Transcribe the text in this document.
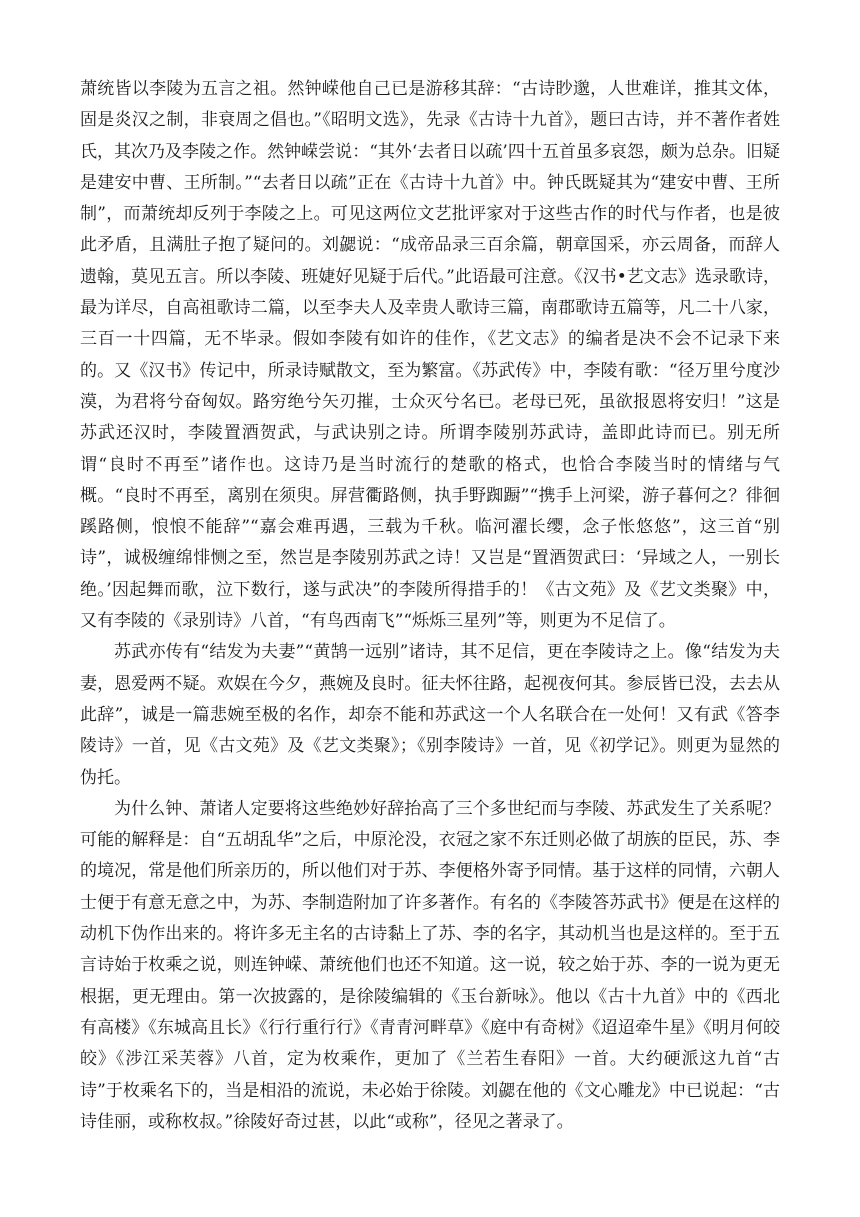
萧统皆以李陵为五言之祖。然钟嵘他自己已是游移其辞：“古诗眇邈，人世难详，推其文体，固是炎汉之制，非衰周之倡也。”《昭明文选》，先录《古诗十九首》，题曰古诗，并不著作者姓氏，其次乃及李陵之作。然钟嵘尝说：“其外‘去者日以疏’四十五首虽多哀怨，颇为总杂。旧疑是建安中曹、王所制。”“去者日以疏”正在《古诗十九首》中。钟氏既疑其为“建安中曹、王所制”，而萧统却反列于李陵之上。可见这两位文艺批评家对于这些古作的时代与作者，也是彼此矛盾，且满肚子抱了疑问的。刘勰说：“成帝品录三百余篇，朝章国采，亦云周备，而辞人遗翰，莫见五言。所以李陵、班婕好见疑于后代。”此语最可注意。《汉书•艺文志》选录歌诗，最为详尽，自高祖歌诗二篇，以至李夫人及幸贵人歌诗三篇，南郡歌诗五篇等，凡二十八家，三百一十四篇，无不毕录。假如李陵有如许的佳作，《艺文志》的编者是决不会不记录下来的。又《汉书》传记中，所录诗赋散文，至为繁富。《苏武传》中，李陵有歌：“径万里兮度沙漠，为君将兮奋匈奴。路穷绝兮矢刃摧，士众灭兮名已。老母已死，虽欲报恩将安归！”这是苏武还汉时，李陵置酒贺武，与武诀别之诗。所谓李陵别苏武诗，盖即此诗而已。别无所谓“良时不再至”诸作也。这诗乃是当时流行的楚歌的格式，也恰合李陵当时的情绪与气概。“良时不再至，离别在须臾。屏营衢路侧，执手野踟蹰”“携手上河梁，游子暮何之？徘徊蹊路侧，悢悢不能辞”“嘉会难再遇，三载为千秋。临河濯长缨，念子怅悠悠”，这三首“别诗”，诚极缠绵悱恻之至，然岂是李陵别苏武之诗！又岂是“置酒贺武曰：‘异域之人，一别长绝。’因起舞而歌，泣下数行，遂与武决”的李陵所得措手的！《古文苑》及《艺文类聚》中，又有李陵的《录别诗》八首，“有鸟西南飞”“烁烁三星列”等，则更为不足信了。

苏武亦传有“结发为夫妻”“黄鹄一远别”诸诗，其不足信，更在李陵诗之上。像“结发为夫妻，恩爱两不疑。欢娱在今夕，燕婉及良时。征夫怀往路，起视夜何其。参辰皆已没，去去从此辞”，诚是一篇悲婉至极的名作，却奈不能和苏武这一个人名联合在一处何！又有武《答李陵诗》一首，见《古文苑》及《艺文类聚》；《别李陵诗》一首，见《初学记》。则更为显然的伪托。

为什么钟、萧诸人定要将这些绝妙好辞抬高了三个多世纪而与李陵、苏武发生了关系呢？可能的解释是：自“五胡乱华”之后，中原沦没，衣冠之家不东迁则必做了胡族的臣民，苏、李的境况，常是他们所亲历的，所以他们对于苏、李便格外寄予同情。基于这样的同情，六朝人士便于有意无意之中，为苏、李制造附加了许多著作。有名的《李陵答苏武书》便是在这样的动机下伪作出来的。将许多无主名的古诗黏上了苏、李的名字，其动机当也是这样的。至于五言诗始于枚乘之说，则连钟嵘、萧统他们也还不知道。这一说，较之始于苏、李的一说为更无根据，更无理由。第一次披露的，是徐陵编辑的《玉台新咏》。他以《古十九首》中的《西北有高楼》《东城高且长》《行行重行行》《青青河畔草》《庭中有奇树》《迢迢牵牛星》《明月何皎皎》《涉江采芙蓉》八首，定为枚乘作，更加了《兰若生春阳》一首。大约硬派这九首“古诗”于枚乘名下的，当是相沿的流说，未必始于徐陵。刘勰在他的《文心雕龙》中已说起：“古诗佳丽，或称枚叔。”徐陵好奇过甚，以此“或称”，径见之著录了。
